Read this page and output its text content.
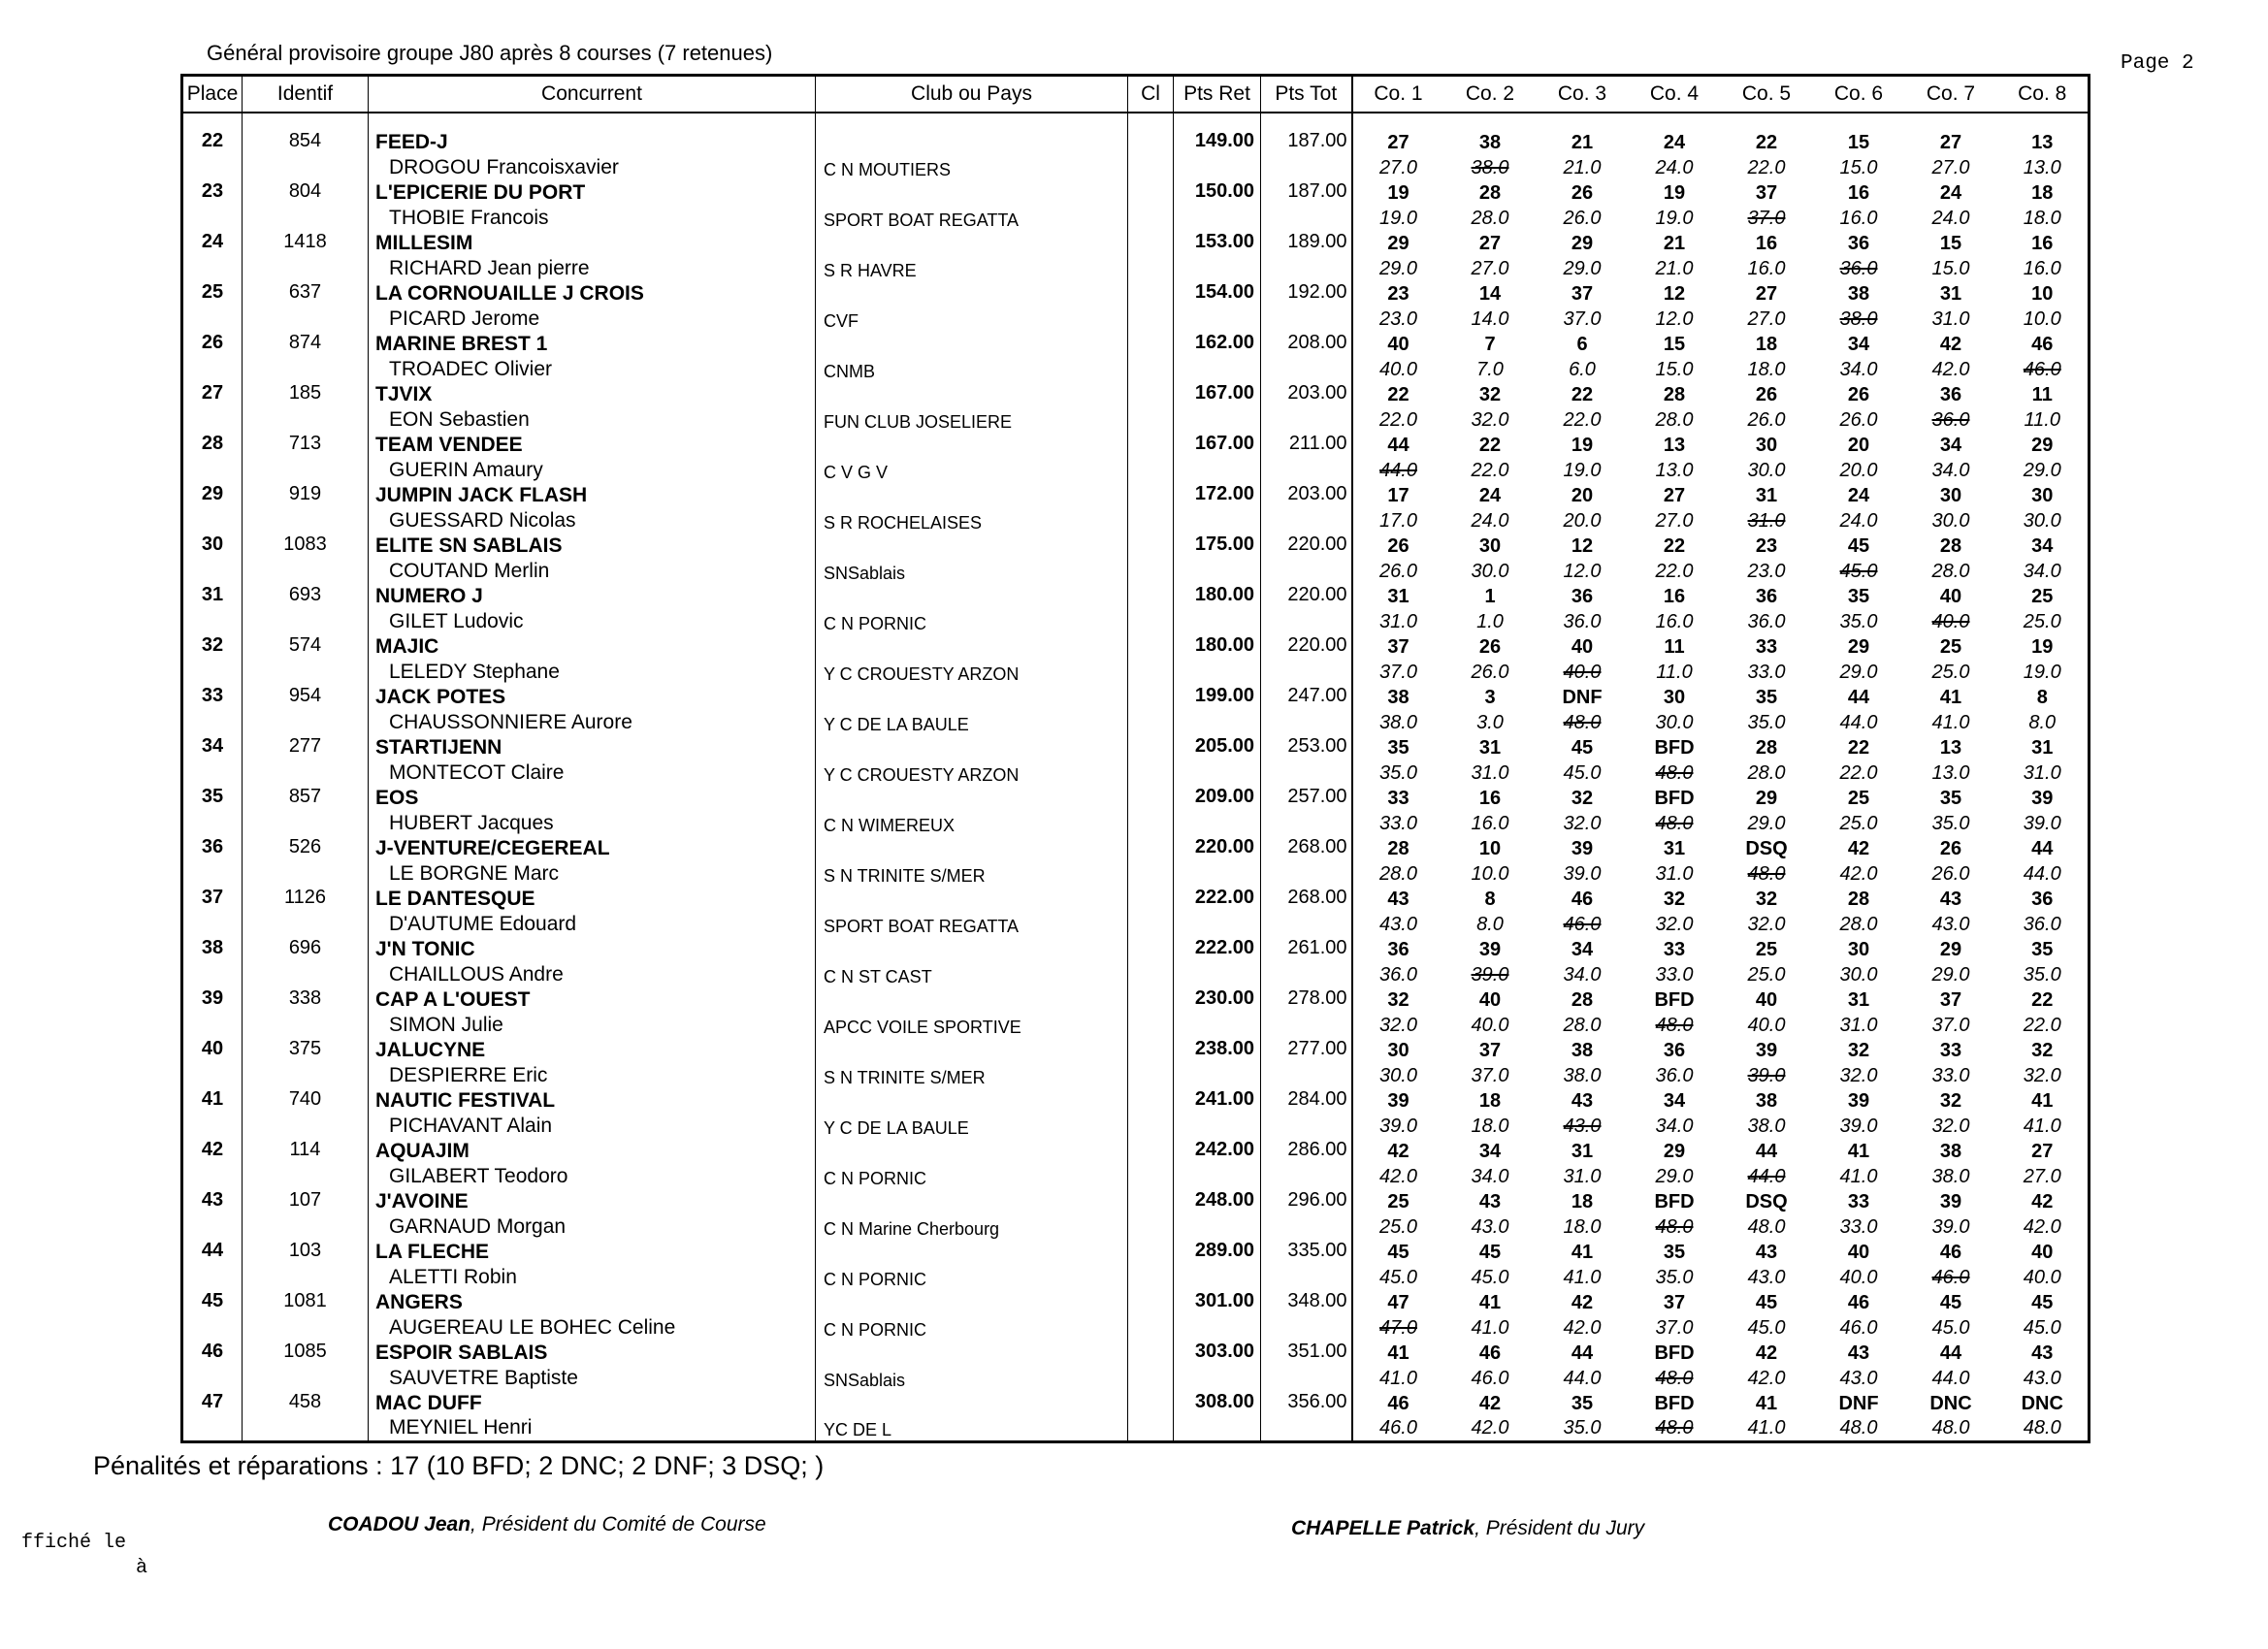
Général provisoire groupe J80 après 8 courses (7 retenues)	Page 2
Place	Identif	Concurrent	Club ou Pays	Cl	Pts Ret	Pts Tot	Co. 1	Co. 2	Co. 3	Co. 4	Co. 5	Co. 6	Co. 7	Co. 8

22	854	FEED-J	C N MOUTIERS		149.00	187.00	27	38	21	24	22	15	27	13
		DROGOU Francoisxavier					27.0	38.0	21.0	24.0	22.0	15.0	27.0	13.0
23	804	L'EPICERIE DU PORT	SPORT BOAT REGATTA		150.00	187.00	19	28	26	19	37	16	24	18
		THOBIE Francois					19.0	28.0	26.0	19.0	37.0	16.0	24.0	18.0
24	1418	MILLESIM	S R HAVRE		153.00	189.00	29	27	29	21	16	36	15	16
		RICHARD Jean pierre					29.0	27.0	29.0	21.0	16.0	36.0	15.0	16.0
25	637	LA CORNOUAILLE J CROIS	CVF		154.00	192.00	23	14	37	12	27	38	31	10
		PICARD Jerome					23.0	14.0	37.0	12.0	27.0	38.0	31.0	10.0
26	874	MARINE BREST 1	CNMB		162.00	208.00	40	7	6	15	18	34	42	46
		TROADEC Olivier					40.0	7.0	6.0	15.0	18.0	34.0	42.0	46.0
27	185	TJVIX	FUN CLUB JOSELIERE		167.00	203.00	22	32	22	28	26	26	36	11
		EON Sebastien					22.0	32.0	22.0	28.0	26.0	26.0	36.0	11.0
28	713	TEAM VENDEE	C V G V		167.00	211.00	44	22	19	13	30	20	34	29
		GUERIN Amaury					44.0	22.0	19.0	13.0	30.0	20.0	34.0	29.0
29	919	JUMPIN JACK FLASH	S R ROCHELAISES		172.00	203.00	17	24	20	27	31	24	30	30
		GUESSARD Nicolas					17.0	24.0	20.0	27.0	31.0	24.0	30.0	30.0
30	1083	ELITE SN SABLAIS	SNSablais		175.00	220.00	26	30	12	22	23	45	28	34
		COUTAND Merlin					26.0	30.0	12.0	22.0	23.0	45.0	28.0	34.0
31	693	NUMERO J	C N PORNIC		180.00	220.00	31	1	36	16	36	35	40	25
		GILET Ludovic					31.0	1.0	36.0	16.0	36.0	35.0	40.0	25.0
32	574	MAJIC	Y C CROUESTY ARZON		180.00	220.00	37	26	40	11	33	29	25	19
		LELEDY Stephane					37.0	26.0	40.0	11.0	33.0	29.0	25.0	19.0
33	954	JACK POTES	Y C DE LA BAULE		199.00	247.00	38	3	DNF	30	35	44	41	8
		CHAUSSONNIERE Aurore					38.0	3.0	48.0	30.0	35.0	44.0	41.0	8.0
34	277	STARTIJENN	Y C CROUESTY ARZON		205.00	253.00	35	31	45	BFD	28	22	13	31
		MONTECOT Claire					35.0	31.0	45.0	48.0	28.0	22.0	13.0	31.0
35	857	EOS	C N WIMEREUX		209.00	257.00	33	16	32	BFD	29	25	35	39
		HUBERT Jacques					33.0	16.0	32.0	48.0	29.0	25.0	35.0	39.0
36	526	J-VENTURE/CEGEREAL	S N TRINITE S/MER		220.00	268.00	28	10	39	31	DSQ	42	26	44
		LE BORGNE Marc					28.0	10.0	39.0	31.0	48.0	42.0	26.0	44.0
37	1126	LE DANTESQUE	SPORT BOAT REGATTA		222.00	268.00	43	8	46	32	32	28	43	36
		D'AUTUME Edouard					43.0	8.0	46.0	32.0	32.0	28.0	43.0	36.0
38	696	J'N TONIC	C N ST CAST		222.00	261.00	36	39	34	33	25	30	29	35
		CHAILLOUS Andre					36.0	39.0	34.0	33.0	25.0	30.0	29.0	35.0
39	338	CAP A L'OUEST	APCC VOILE SPORTIVE		230.00	278.00	32	40	28	BFD	40	31	37	22
		SIMON Julie					32.0	40.0	28.0	48.0	40.0	31.0	37.0	22.0
40	375	JALUCYNE	S N TRINITE S/MER		238.00	277.00	30	37	38	36	39	32	33	32
		DESPIERRE Eric					30.0	37.0	38.0	36.0	39.0	32.0	33.0	32.0
41	740	NAUTIC FESTIVAL	Y C DE LA BAULE		241.00	284.00	39	18	43	34	38	39	32	41
		PICHAVANT Alain					39.0	18.0	43.0	34.0	38.0	39.0	32.0	41.0
42	114	AQUAJIM	C N PORNIC		242.00	286.00	42	34	31	29	44	41	38	27
		GILABERT Teodoro					42.0	34.0	31.0	29.0	44.0	41.0	38.0	27.0
43	107	J'AVOINE	C N Marine Cherbourg		248.00	296.00	25	43	18	BFD	DSQ	33	39	42
		GARNAUD Morgan					25.0	43.0	18.0	48.0	48.0	33.0	39.0	42.0
44	103	LA FLECHE	C N PORNIC		289.00	335.00	45	45	41	35	43	40	46	40
		ALETTI Robin					45.0	45.0	41.0	35.0	43.0	40.0	46.0	40.0
45	1081	ANGERS	C N PORNIC		301.00	348.00	47	41	42	37	45	46	45	45
		AUGEREAU LE BOHEC Celine					47.0	41.0	42.0	37.0	45.0	46.0	45.0	45.0
46	1085	ESPOIR SABLAIS	SNSablais		303.00	351.00	41	46	44	BFD	42	43	44	43
		SAUVETRE Baptiste					41.0	46.0	44.0	48.0	42.0	43.0	44.0	43.0
47	458	MAC DUFF	YC DE L		308.00	356.00	46	42	35	BFD	41	DNF	DNC	DNC
		MEYNIEL Henri					46.0	42.0	35.0	48.0	41.0	48.0	48.0	48.0
Pénalités et réparations : 17 (10 BFD; 2 DNC; 2 DNF; 3 DSQ; )
COADOU Jean, Président du Comité de Course	CHAPELLE Patrick, Président du Jury
ffiché le
à
